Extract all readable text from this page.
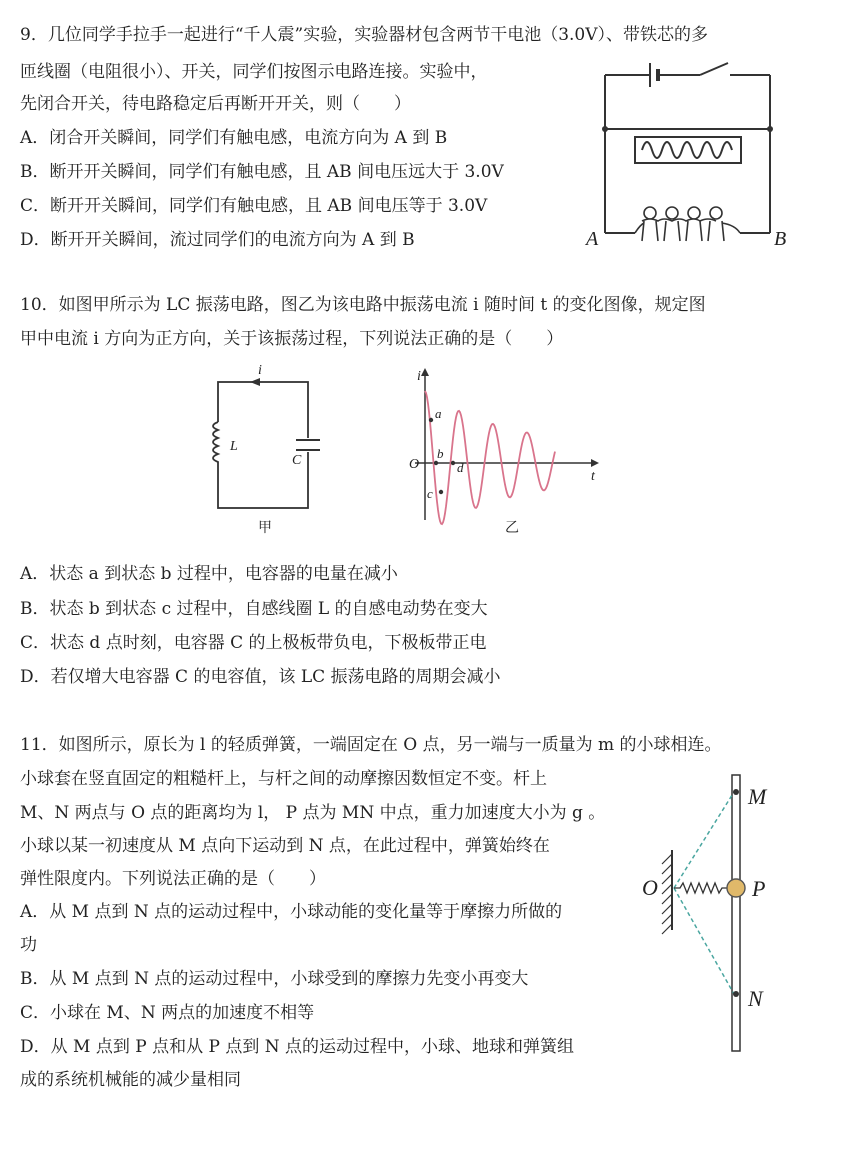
9．几位同学手拉手一起进行“千人震”实验，实验器材包含两节干电池（3.0V）、带铁芯的多
匝线圈（电阻很小）、开关，同学们按图示电路连接。实验中，
先闭合开关，待电路稳定后再断开开关，则（　　）
A．闭合开关瞬间，同学们有触电感，电流方向为 A 到 B
B．断开开关瞬间，同学们有触电感，且 AB 间电压远大于 3.0V
C．断开开关瞬间，同学们有触电感，且 AB 间电压等于 3.0V
D．断开开关瞬间，流过同学们的电流方向为 A 到 B	A	B
10．如图甲所示为 LC 振荡电路，图乙为该电路中振荡电流 i 随时间 t 的变化图像，规定图
甲中电流 i 方向为正方向，关于该振荡过程，下列说法正确的是（　　）
i
L
C
甲
i
t
O
a
b
c
d
乙
A．状态 a 到状态 b 过程中，电容器的电量在减小
B．状态 b 到状态 c 过程中，自感线圈 L 的自感电动势在变大
C．状态 d 点时刻，电容器 C 的上极板带负电，下极板带正电
D．若仅增大电容器 C 的电容值，该 LC 振荡电路的周期会减小
11．如图所示，原长为 l 的轻质弹簧，一端固定在 O 点，另一端与一质量为 m 的小球相连。
小球套在竖直固定的粗糙杆上，与杆之间的动摩擦因数恒定不变。杆上
M、N 两点与 O 点的距离均为 l， P 点为 MN 中点，重力加速度大小为 g 。
小球以某一初速度从 M 点向下运动到 N 点，在此过程中，弹簧始终在
弹性限度内。下列说法正确的是（　　）
A．从 M 点到 N 点的运动过程中，小球动能的变化量等于摩擦力所做的
功
B．从 M 点到 N 点的运动过程中，小球受到的摩擦力先变小再变大
C．小球在 M、N 两点的加速度不相等
D．从 M 点到 P 点和从 P 点到 N 点的运动过程中，小球、地球和弹簧组
成的系统机械能的减少量相同
O
M
P
N
